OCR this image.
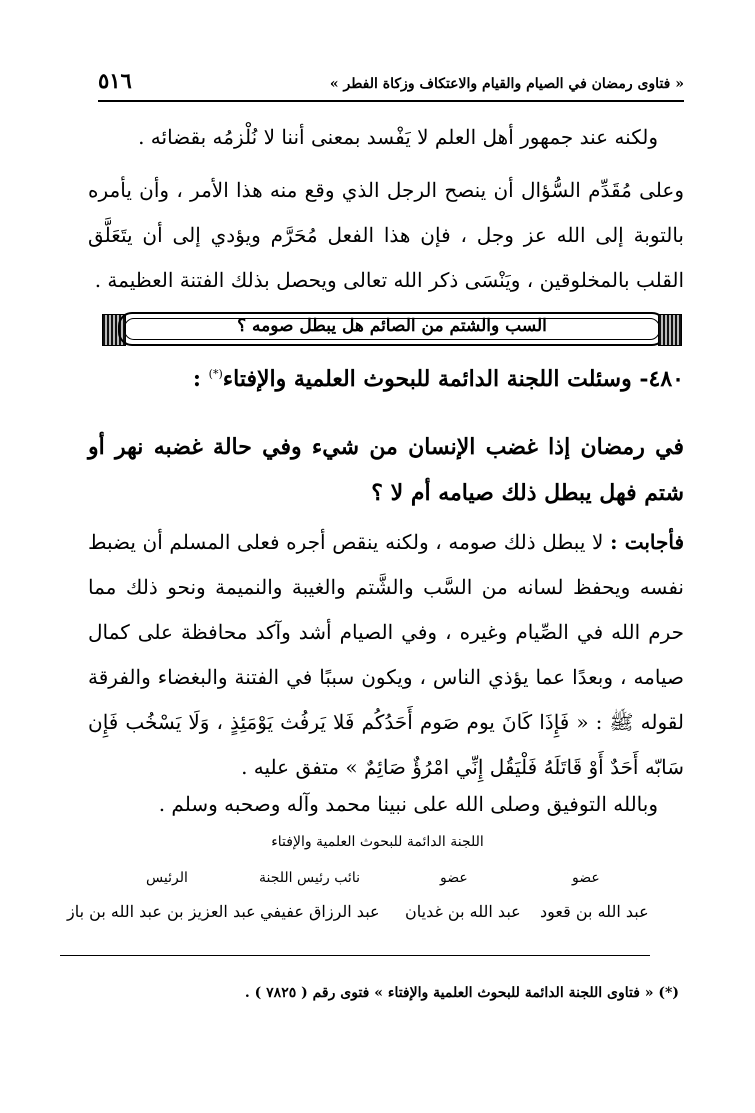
٥١٦	« فتاوى رمضان في الصيام والقيام والاعتكاف وزكاة الفطر »

ولكنه عند جمهور أهل العلم لا يَفْسد بمعنى أننا لا نُلْزمُه بقضائه .

وعلى مُقَدِّم السُّؤال أن ينصح الرجل الذي وقع منه هذا الأمر ، وأن يأمره بالتوبة إلى الله عز وجل ، فإن هذا الفعل مُحَرَّم ويؤدي إلى أن يتَعَلَّق القلب بالمخلوقين ، ويَنْسَى ذكر الله تعالى ويحصل بذلك الفتنة العظيمة .

السب والشتم من الصائم هل يبطل صومه ؟

٤٨٠- وسئلت اللجنة الدائمة للبحوث العلمية والإفتاء(*) :

في رمضان إذا غضب الإنسان من شيء وفي حالة غضبه نهر أو شتم فهل يبطل ذلك صيامه أم لا ؟

فأجابت : لا يبطل ذلك صومه ، ولكنه ينقص أجره فعلى المسلم أن يضبط نفسه ويحفظ لسانه من السَّب والشَّتم والغيبة والنميمة ونحو ذلك مما حرم الله في الصِّيام وغيره ، وفي الصيام أشد وآكد محافظة على كمال صيامه ، وبعدًا عما يؤذي الناس ، ويكون سببًا في الفتنة والبغضاء والفرقة لقوله ﷺ : « فَإِذَا كَانَ يوم صَوم أَحَدُكُم فَلا يَرفُث يَوْمَئِذٍ ، وَلَا يَسْخُب فَإِن سَابّه أَحَدٌ أَوْ قَاتَلَهُ فَلْيَقُل إِنِّي امْرُؤٌ صَائِمٌ » متفق عليه .

وبالله التوفيق وصلى الله على نبينا محمد وآله وصحبه وسلم .

اللجنة الدائمة للبحوث العلمية والإفتاء

عضو
عضو
نائب رئيس اللجنة
الرئيس
عبد الله بن قعود
عبد الله بن غديان
عبد الرزاق عفيفي
عبد العزيز بن عبد الله بن باز

(*) « فتاوى اللجنة الدائمة للبحوث العلمية والإفتاء » فتوى رقم ( ٧٨٢٥ ) .
